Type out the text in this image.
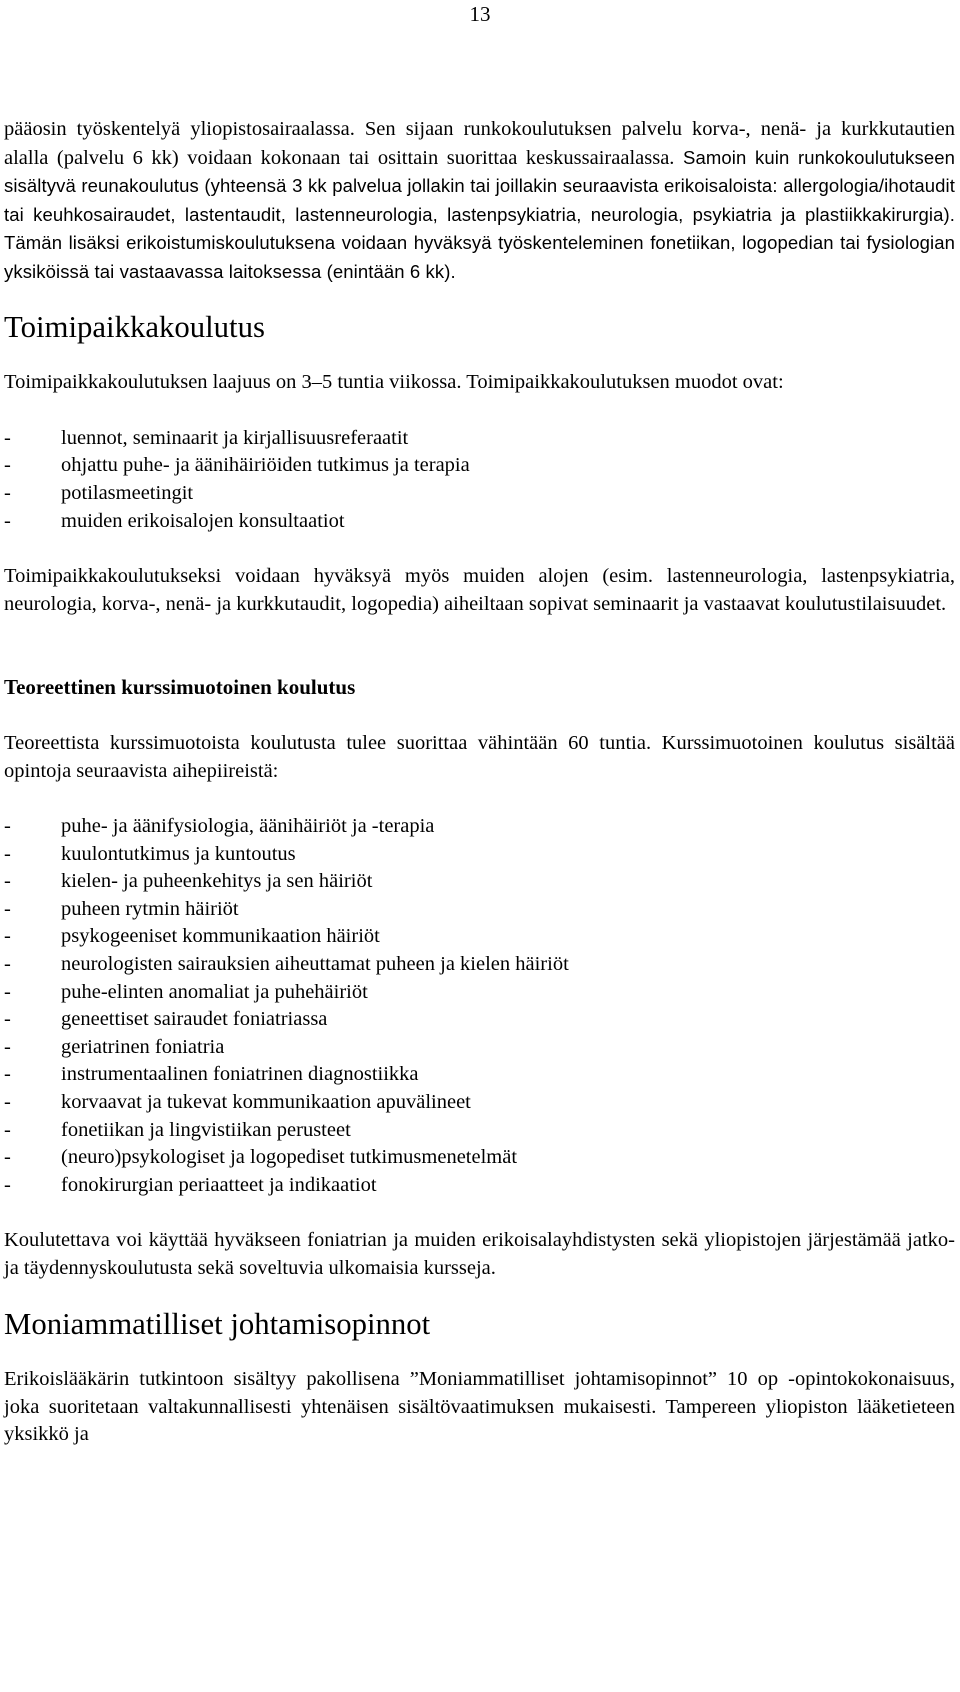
13

pääosin työskentelyä yliopistosairaalassa. Sen sijaan runkokoulutuksen palvelu korva-, nenä- ja kurkkutautien alalla (palvelu 6 kk) voidaan kokonaan tai osittain suorittaa keskussairaalassa. Samoin kuin runkokoulutukseen sisältyvä reunakoulutus (yhteensä 3 kk palvelua jollakin tai joillakin seuraavista erikoisaloista: allergologia/ihotaudit tai keuhkosairaudet, lastentaudit, lastenneurologia, lastenpsykiatria, neurologia, psykiatria ja plastiikkakirurgia). Tämän lisäksi erikoistumiskoulutuksena voidaan hyväksyä työskenteleminen fonetiikan, logopedian tai fysiologian yksiköissä tai vastaavassa laitoksessa (enintään 6 kk).

Toimipaikkakoulutus

Toimipaikkakoulutuksen laajuus on 3–5 tuntia viikossa. Toimipaikkakoulutuksen muodot ovat:

- luennot, seminaarit ja kirjallisuusreferaatit
- ohjattu puhe- ja äänihäiriöiden tutkimus ja terapia
- potilasmeetingit
- muiden erikoisalojen konsultaatiot

Toimipaikkakoulutukseksi voidaan hyväksyä myös muiden alojen (esim. lastenneurologia, lastenpsykiatria, neurologia, korva-, nenä- ja kurkkutaudit, logopedia) aiheiltaan sopivat seminaarit ja vastaavat koulutustilaisuudet.

Teoreettinen kurssimuotoinen koulutus

Teoreettista kurssimuotoista koulutusta tulee suorittaa vähintään 60 tuntia. Kurssimuotoinen koulutus sisältää opintoja seuraavista aihepiireistä:

- puhe- ja äänifysiologia, äänihäiriöt ja -terapia
- kuulontutkimus ja kuntoutus
- kielen- ja puheenkehitys ja sen häiriöt
- puheen rytmin häiriöt
- psykogeeniset kommunikaation häiriöt
- neurologisten sairauksien aiheuttamat puheen ja kielen häiriöt
- puhe-elinten anomaliat ja puhehäiriöt
- geneettiset sairaudet foniatriassa
- geriatrinen foniatria
- instrumentaalinen foniatrinen diagnostiikka
- korvaavat ja tukevat kommunikaation apuvälineet
- fonetiikan ja lingvistiikan perusteet
- (neuro)psykologiset ja logopediset tutkimusmenetelmät
- fonokirurgian periaatteet ja indikaatiot

Koulutettava voi käyttää hyväkseen foniatrian ja muiden erikoisalayhdistysten sekä yliopistojen järjestämää jatko- ja täydennyskoulutusta sekä soveltuvia ulkomaisia kursseja.

Moniammatilliset johtamisopinnot

Erikoislääkärin tutkintoon sisältyy pakollisena ”Moniammatilliset johtamisopinnot” 10 op -opintokokonaisuus, joka suoritetaan valtakunnallisesti yhtenäisen sisältövaatimuksen mukaisesti. Tampereen yliopiston lääketieteen yksikkö ja
